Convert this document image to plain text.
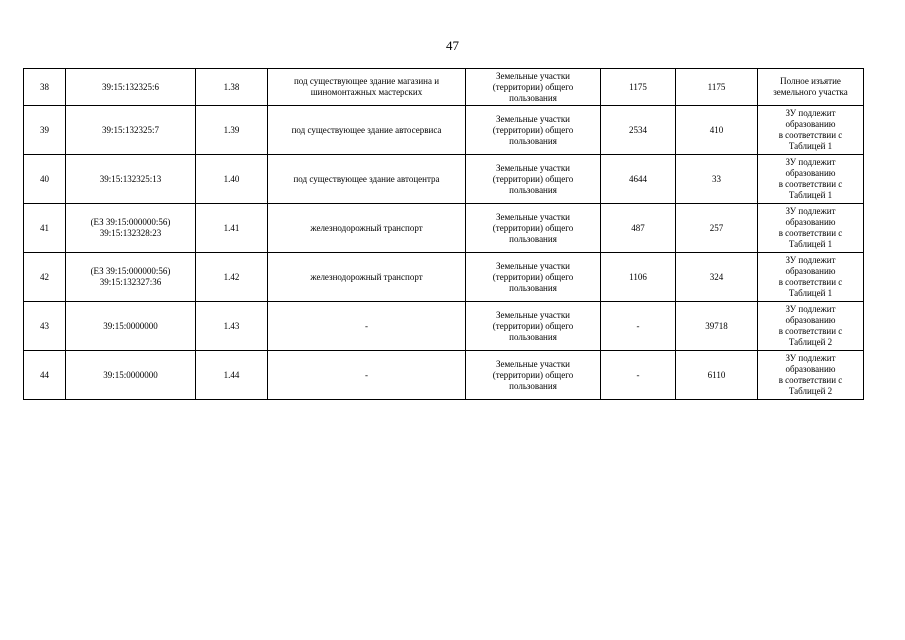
47
38	39:15:132325:6	1.38	под существующее здание магазина и
шиномонтажных мастерских	Земельные участки
(территории) общего
пользования	1175	1175	Полное изъятие
земельного участка
39	39:15:132325:7	1.39	под существующее здание автосервиса	Земельные участки
(территории) общего
пользования	2534	410	ЗУ подлежит
образованию
в соответствии с
Таблицей 1
40	39:15:132325:13	1.40	под существующее здание автоцентра	Земельные участки
(территории) общего
пользования	4644	33	ЗУ подлежит
образованию
в соответствии с
Таблицей 1
41	(ЕЗ 39:15:000000:56)
39:15:132328:23	1.41	железнодорожный транспорт	Земельные участки
(территории) общего
пользования	487	257	ЗУ подлежит
образованию
в соответствии с
Таблицей 1
42	(ЕЗ 39:15:000000:56)
39:15:132327:36	1.42	железнодорожный транспорт	Земельные участки
(территории) общего
пользования	1106	324	ЗУ подлежит
образованию
в соответствии с
Таблицей 1
43	39:15:0000000	1.43	-	Земельные участки
(территории) общего
пользования	-	39718	ЗУ подлежит
образованию
в соответствии с
Таблицей 2
44	39:15:0000000	1.44	-	Земельные участки
(территории) общего
пользования	-	6110	ЗУ подлежит
образованию
в соответствии с
Таблицей 2
